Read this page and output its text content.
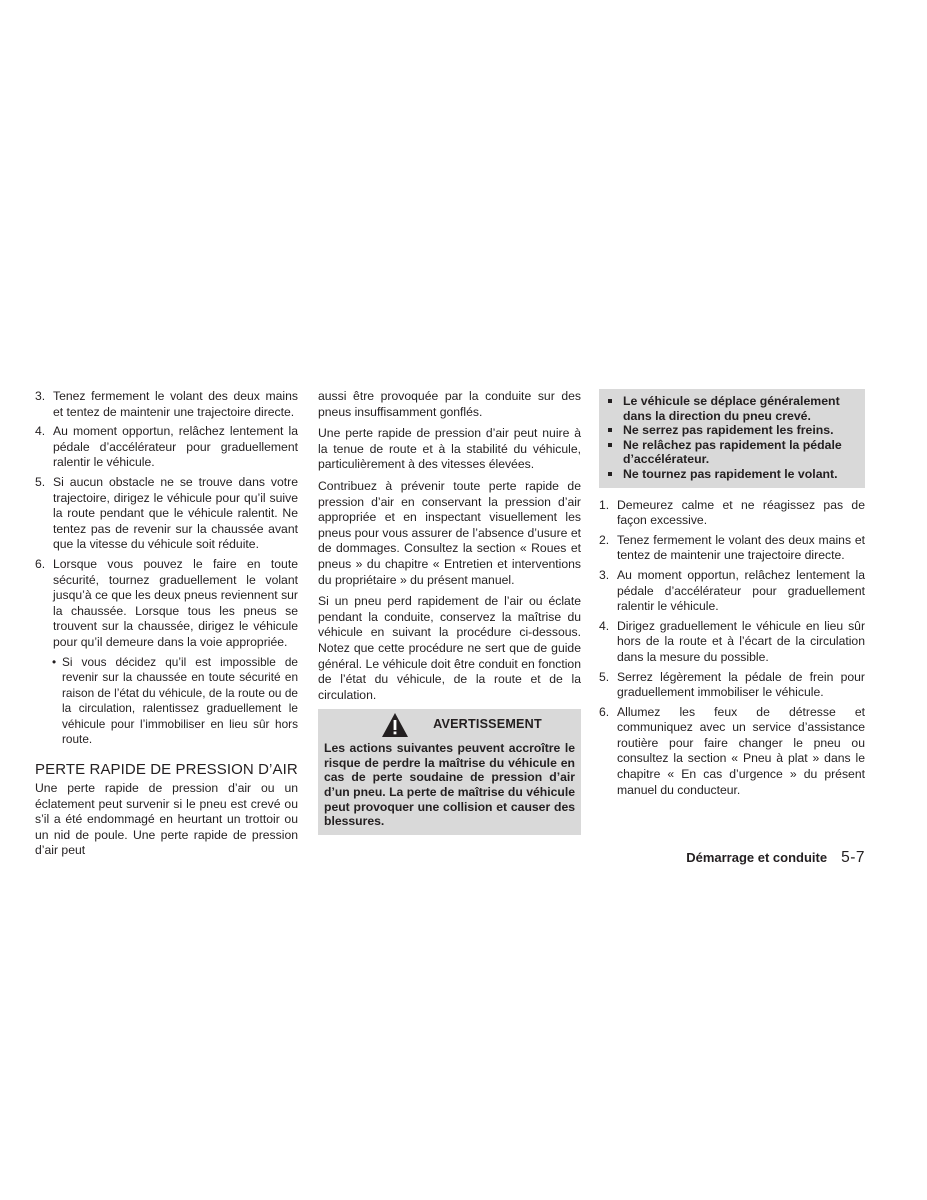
3. Tenez fermement le volant des deux mains et tentez de maintenir une trajectoire directe.
4. Au moment opportun, relâchez lentement la pédale d’accélérateur pour graduellement ralentir le véhicule.
5. Si aucun obstacle ne se trouve dans votre trajectoire, dirigez le véhicule pour qu’il suive la route pendant que le véhicule ralentit. Ne tentez pas de revenir sur la chaussée avant que la vitesse du véhicule soit réduite.
6. Lorsque vous pouvez le faire en toute sécurité, tournez graduellement le volant jusqu’à ce que les deux pneus reviennent sur la chaussée. Lorsque tous les pneus se trouvent sur la chaussée, dirigez le véhicule pour qu’il demeure dans la voie appropriée.
• Si vous décidez qu’il est impossible de revenir sur la chaussée en toute sécurité en raison de l’état du véhicule, de la route ou de la circulation, ralentissez graduellement le véhicule pour l’immobiliser en lieu sûr hors route.
PERTE RAPIDE DE PRESSION D’AIR

Une perte rapide de pression d’air ou un éclatement peut survenir si le pneu est crevé ou s’il a été endommagé en heurtant un trottoir ou un nid de poule. Une perte rapide de pression d’air peut

aussi être provoquée par la conduite sur des pneus insuffisamment gonflés.

Une perte rapide de pression d’air peut nuire à la tenue de route et à la stabilité du véhicule, particulièrement à des vitesses élevées.

Contribuez à prévenir toute perte rapide de pression d’air en conservant la pression d’air appropriée et en inspectant visuellement les pneus pour vous assurer de l’absence d’usure et de dommages. Consultez la section « Roues et pneus » du chapitre « Entretien et interventions du propriétaire » du présent manuel.

Si un pneu perd rapidement de l’air ou éclate pendant la conduite, conservez la maîtrise du véhicule en suivant la procédure ci-dessous. Notez que cette procédure ne sert que de guide général. Le véhicule doit être conduit en fonction de l’état du véhicule, de la route et de la circulation.

AVERTISSEMENT
Les actions suivantes peuvent accroître le risque de perdre la maîtrise du véhicule en cas de perte soudaine de pression d’air d’un pneu. La perte de maîtrise du véhicule peut provoquer une collision et causer des blessures.
Le véhicule se déplace généralement dans la direction du pneu crevé.
Ne serrez pas rapidement les freins.
Ne relâchez pas rapidement la pédale d’accélérateur.
Ne tournez pas rapidement le volant.
1. Demeurez calme et ne réagissez pas de façon excessive.
2. Tenez fermement le volant des deux mains et tentez de maintenir une trajectoire directe.
3. Au moment opportun, relâchez lentement la pédale d’accélérateur pour graduellement ralentir le véhicule.
4. Dirigez graduellement le véhicule en lieu sûr hors de la route et à l’écart de la circulation dans la mesure du possible.
5. Serrez légèrement la pédale de frein pour graduellement immobiliser le véhicule.
6. Allumez les feux de détresse et communiquez avec un service d’assistance routière pour faire changer le pneu ou consultez la section « Pneu à plat » dans le chapitre « En cas d’urgence » du présent manuel du conducteur.
Démarrage et conduite 5-7
